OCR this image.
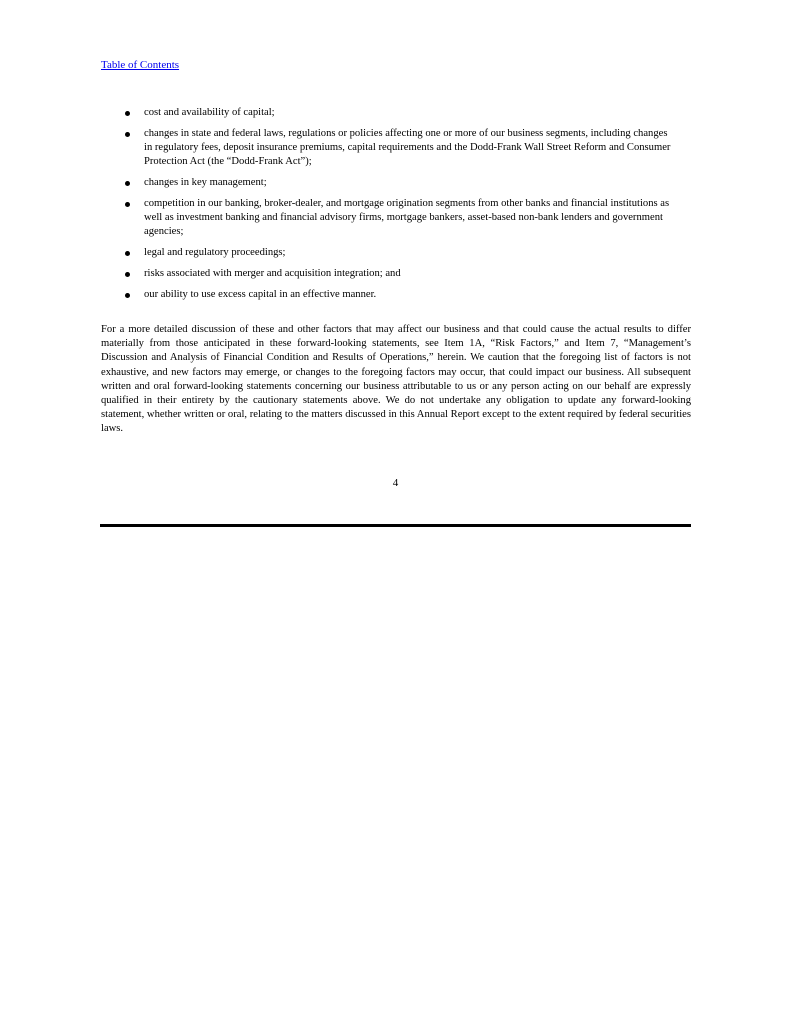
Table of Contents
cost and availability of capital;
changes in state and federal laws, regulations or policies affecting one or more of our business segments, including changes in regulatory fees, deposit insurance premiums, capital requirements and the Dodd-Frank Wall Street Reform and Consumer Protection Act (the “Dodd-Frank Act”);
changes in key management;
competition in our banking, broker-dealer, and mortgage origination segments from other banks and financial institutions as well as investment banking and financial advisory firms, mortgage bankers, asset-based non-bank lenders and government agencies;
legal and regulatory proceedings;
risks associated with merger and acquisition integration; and
our ability to use excess capital in an effective manner.

For a more detailed discussion of these and other factors that may affect our business and that could cause the actual results to differ materially from those anticipated in these forward-looking statements, see Item 1A, “Risk Factors,” and Item 7, “Management’s Discussion and Analysis of Financial Condition and Results of Operations,” herein. We caution that the foregoing list of factors is not exhaustive, and new factors may emerge, or changes to the foregoing factors may occur, that could impact our business. All subsequent written and oral forward-looking statements concerning our business attributable to us or any person acting on our behalf are expressly qualified in their entirety by the cautionary statements above. We do not undertake any obligation to update any forward-looking statement, whether written or oral, relating to the matters discussed in this Annual Report except to the extent required by federal securities laws.

4
